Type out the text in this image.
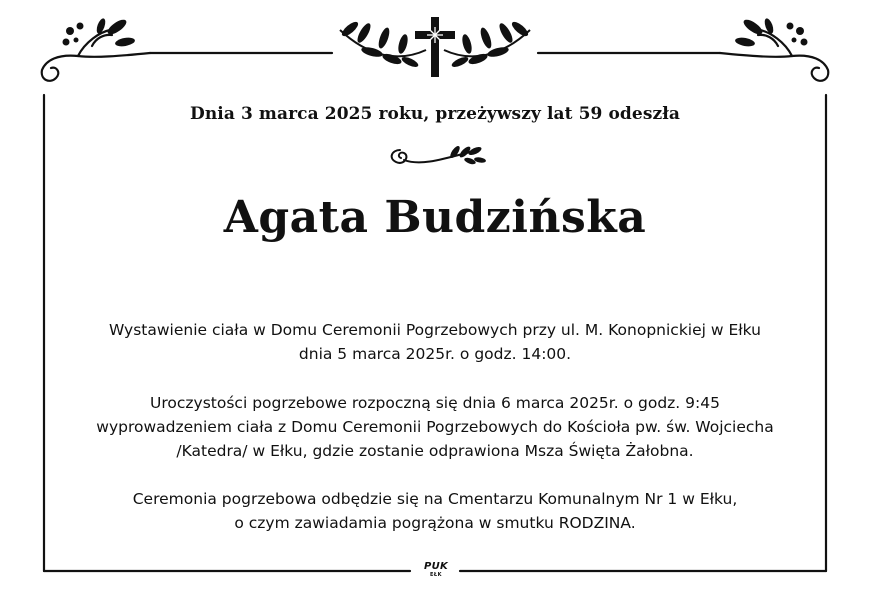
Dnia 3 marca 2025 roku, przeżywszy lat 59 odeszła
Agata Budzińska
Wystawienie ciała w Domu Ceremonii Pogrzebowych przy ul. M. Konopnickiej w Ełku
dnia 5 marca 2025r. o godz. 14:00.
Uroczystości pogrzebowe rozpoczną się dnia 6 marca 2025r. o godz. 9:45
wyprowadzeniem ciała z Domu Ceremonii Pogrzebowych do Kościoła pw. św. Wojciecha
/Katedra/ w Ełku, gdzie zostanie odprawiona Msza Święta Żałobna.
Ceremonia pogrzebowa odbędzie się na Cmentarzu Komunalnym Nr 1 w Ełku,
o czym zawiadamia pogrążona w smutku RODZINA.
PUK
EŁK
